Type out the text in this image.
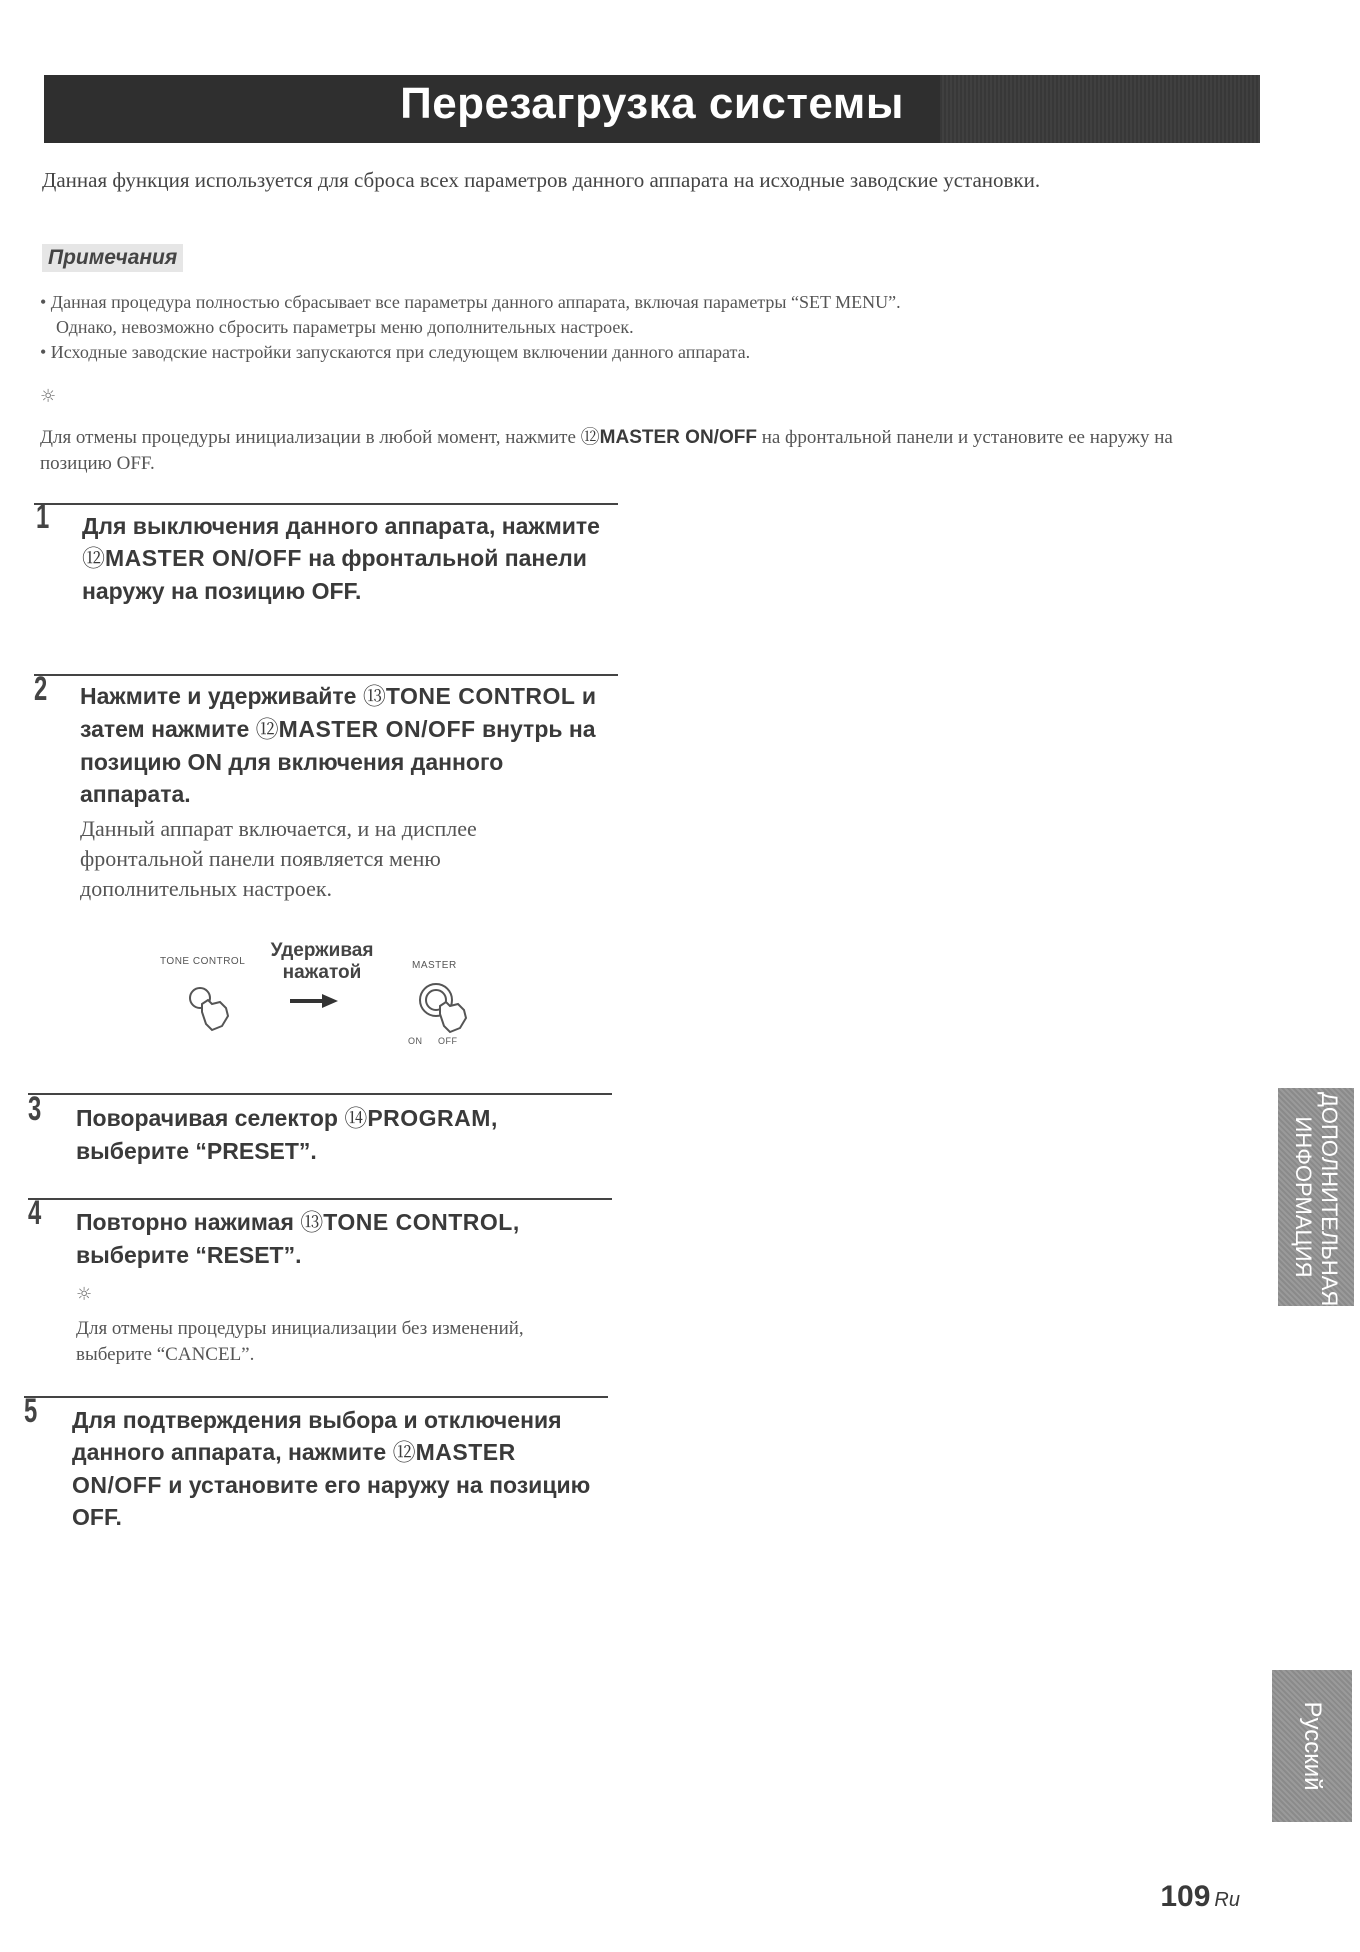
Перезагрузка системы
Данная функция используется для сброса всех параметров данного аппарата на исходные заводские установки.
Примечания
• Данная процедура полностью сбрасывает все параметры данного аппарата, включая параметры “SET MENU”.
Однако, невозможно сбросить параметры меню дополнительных настроек.
• Исходные заводские настройки запускаются при следующем включении данного аппарата.
☼
Для отмены процедуры инициализации в любой момент, нажмите ⑫MASTER ON/OFF на фронтальной панели и установите ее наружу на позицию OFF.
1 Для выключения данного аппарата, нажмите ⑫MASTER ON/OFF на фронтальной панели наружу на позицию OFF.
2 Нажмите и удерживайте ⑬TONE CONTROL и затем нажмите ⑫MASTER ON/OFF внутрь на позицию ON для включения данного аппарата.
Данный аппарат включается, и на дисплее фронтальной панели появляется меню дополнительных настроек.
TONE CONTROL
Удерживая нажатой	MASTER
ON OFF
3 Поворачивая селектор ⑭PROGRAM, выберите “PRESET”.
4 Повторно нажимая ⑬TONE CONTROL, выберите “RESET”.
☼
Для отмены процедуры инициализации без изменений, выберите “CANCEL”.
5 Для подтверждения выбора и отключения данного аппарата, нажмите ⑫MASTER ON/OFF и установите его наружу на позицию OFF.
ДОПОЛНИТЕЛЬНАЯ ИНФОРМАЦИЯ
Русский
109 Ru
